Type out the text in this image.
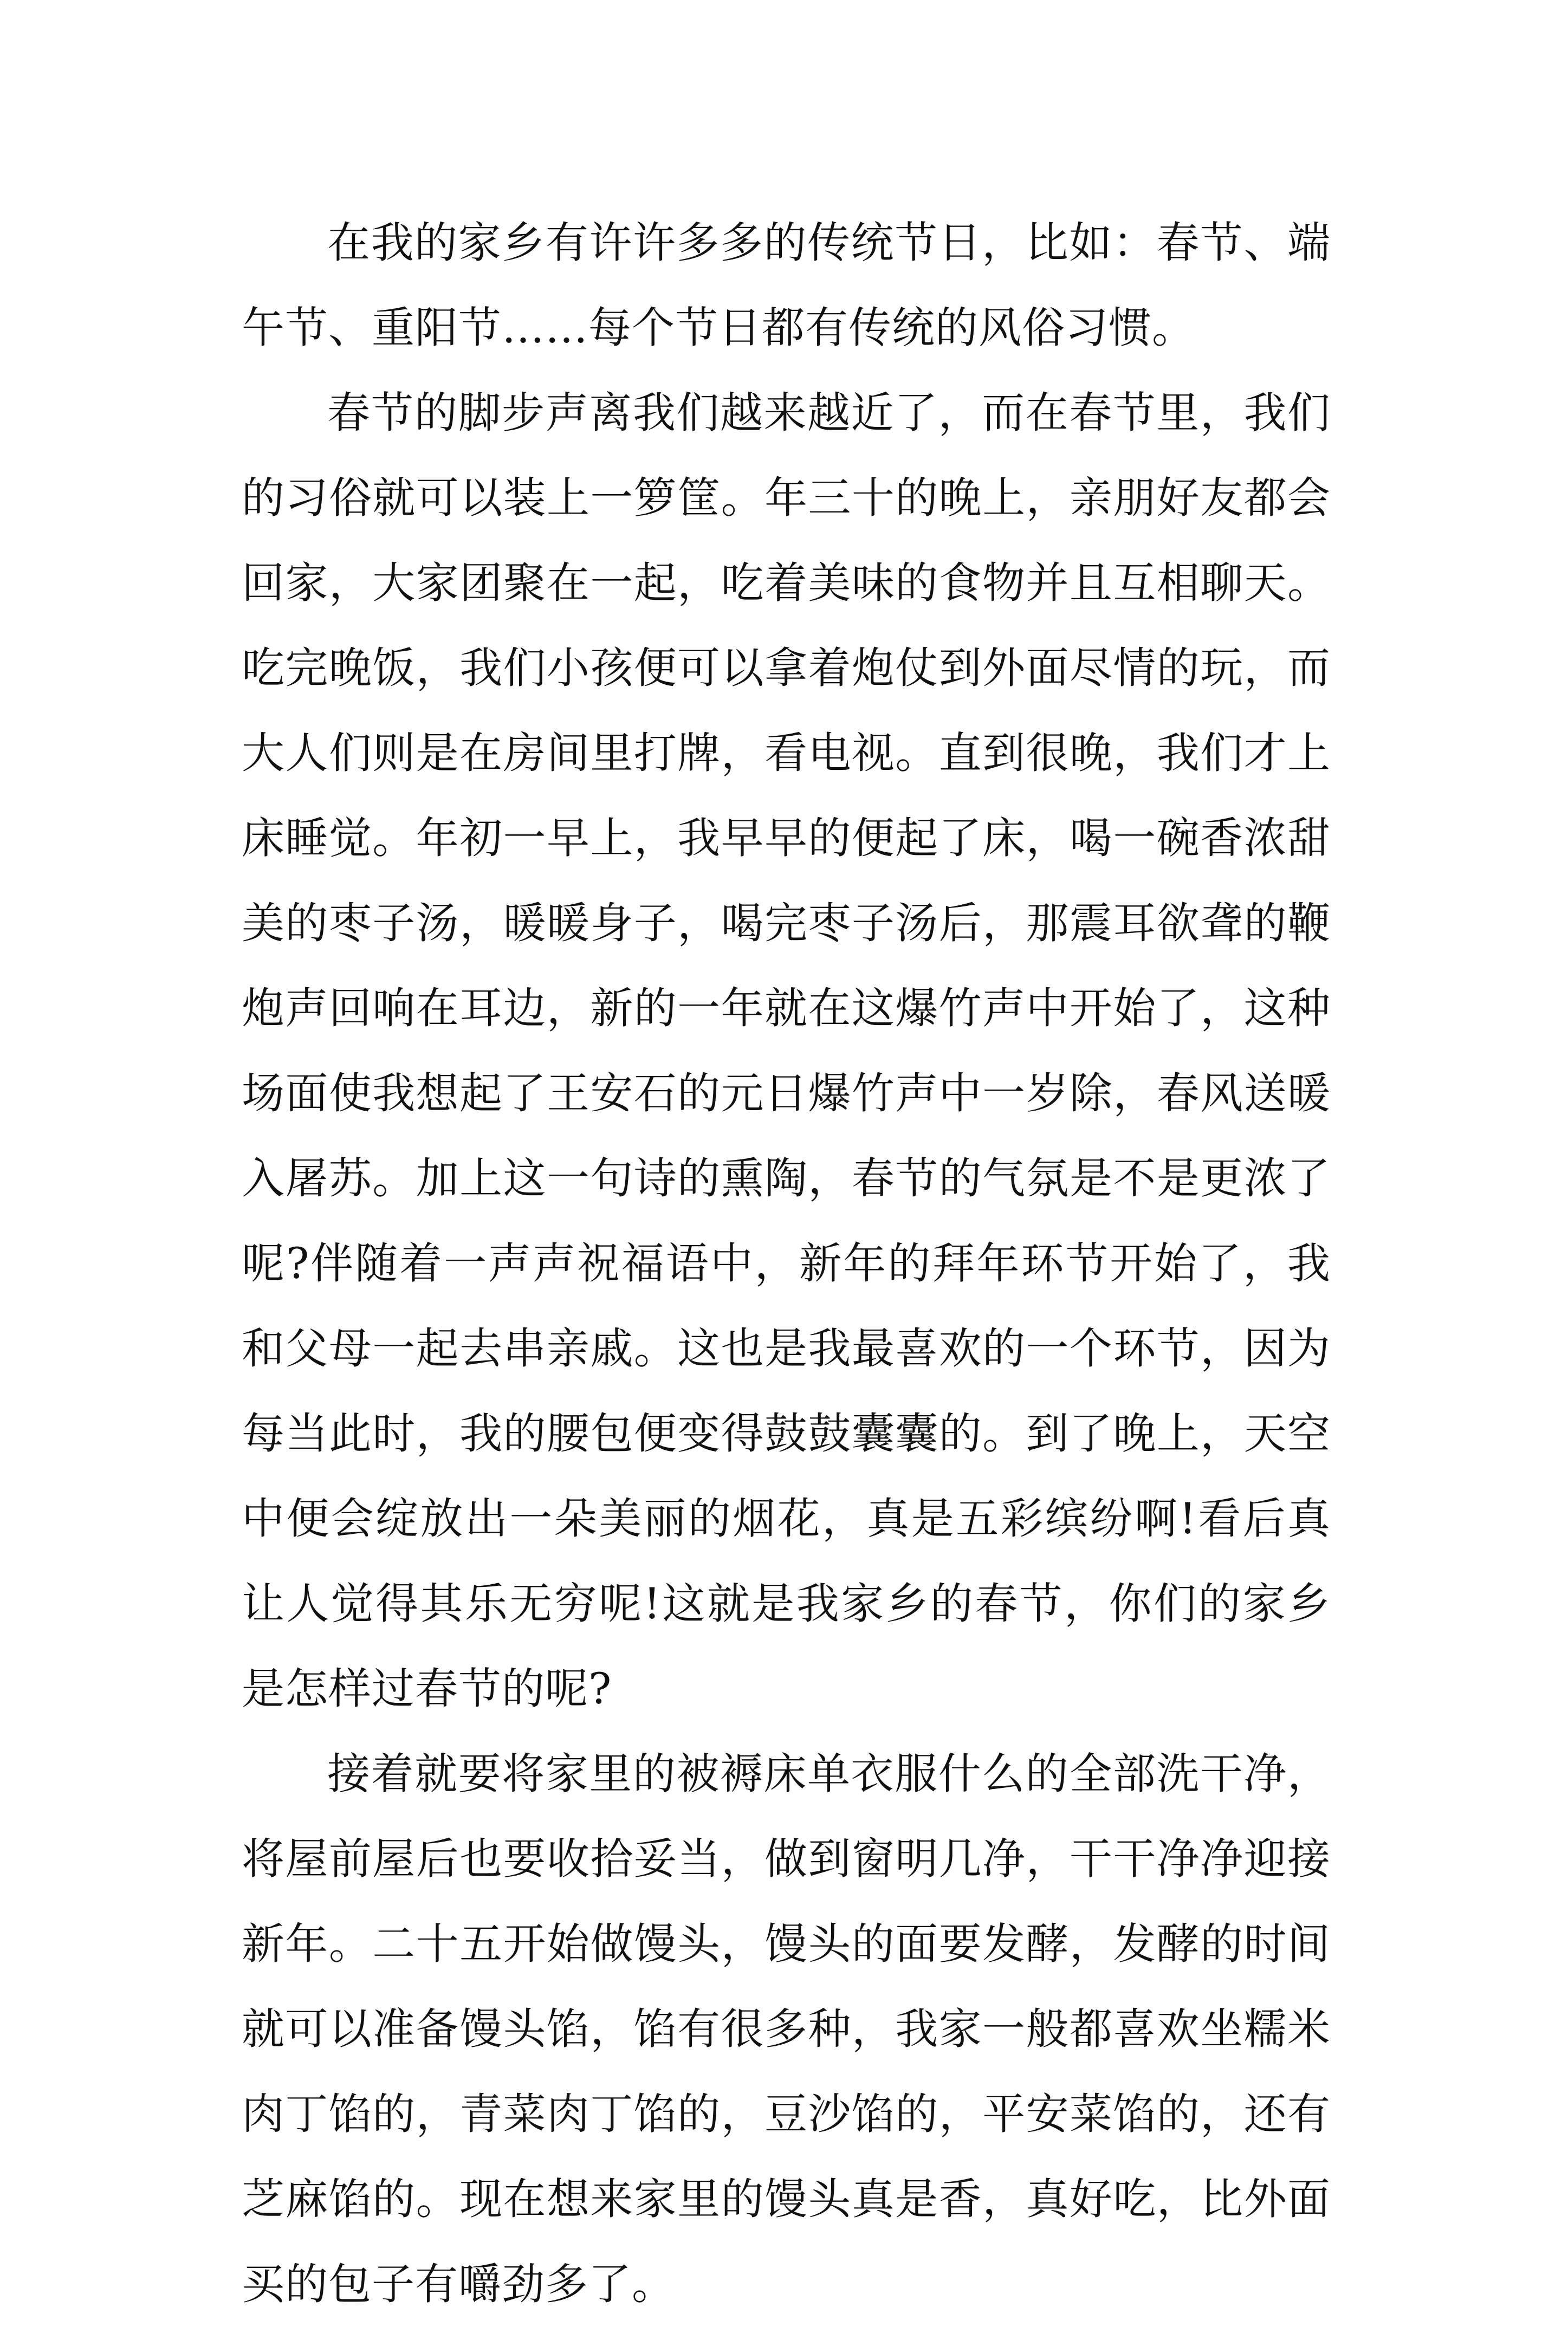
在我的家乡有许许多多的传统节日，比如：春节、端午节、重阳节……每个节日都有传统的风俗习惯。

春节的脚步声离我们越来越近了，而在春节里，我们的习俗就可以装上一箩筐。年三十的晚上，亲朋好友都会回家，大家团聚在一起，吃着美味的食物并且互相聊天。吃完晚饭，我们小孩便可以拿着炮仗到外面尽情的玩，而大人们则是在房间里打牌，看电视。直到很晚，我们才上床睡觉。年初一早上，我早早的便起了床，喝一碗香浓甜美的枣子汤，暖暖身子，喝完枣子汤后，那震耳欲聋的鞭炮声回响在耳边，新的一年就在这爆竹声中开始了，这种场面使我想起了王安石的元日爆竹声中一岁除，春风送暖入屠苏。加上这一句诗的熏陶，春节的气氛是不是更浓了呢?伴随着一声声祝福语中，新年的拜年环节开始了，我和父母一起去串亲戚。这也是我最喜欢的一个环节，因为每当此时，我的腰包便变得鼓鼓囊囊的。到了晚上，天空中便会绽放出一朵美丽的烟花，真是五彩缤纷啊!看后真让人觉得其乐无穷呢!这就是我家乡的春节，你们的家乡是怎样过春节的呢?

接着就要将家里的被褥床单衣服什么的全部洗干净，将屋前屋后也要收拾妥当，做到窗明几净，干干净净迎接新年。二十五开始做馒头，馒头的面要发酵，发酵的时间就可以准备馒头馅，馅有很多种，我家一般都喜欢坐糯米肉丁馅的，青菜肉丁馅的，豆沙馅的，平安菜馅的，还有芝麻馅的。现在想来家里的馒头真是香，真好吃，比外面买的包子有嚼劲多了。
